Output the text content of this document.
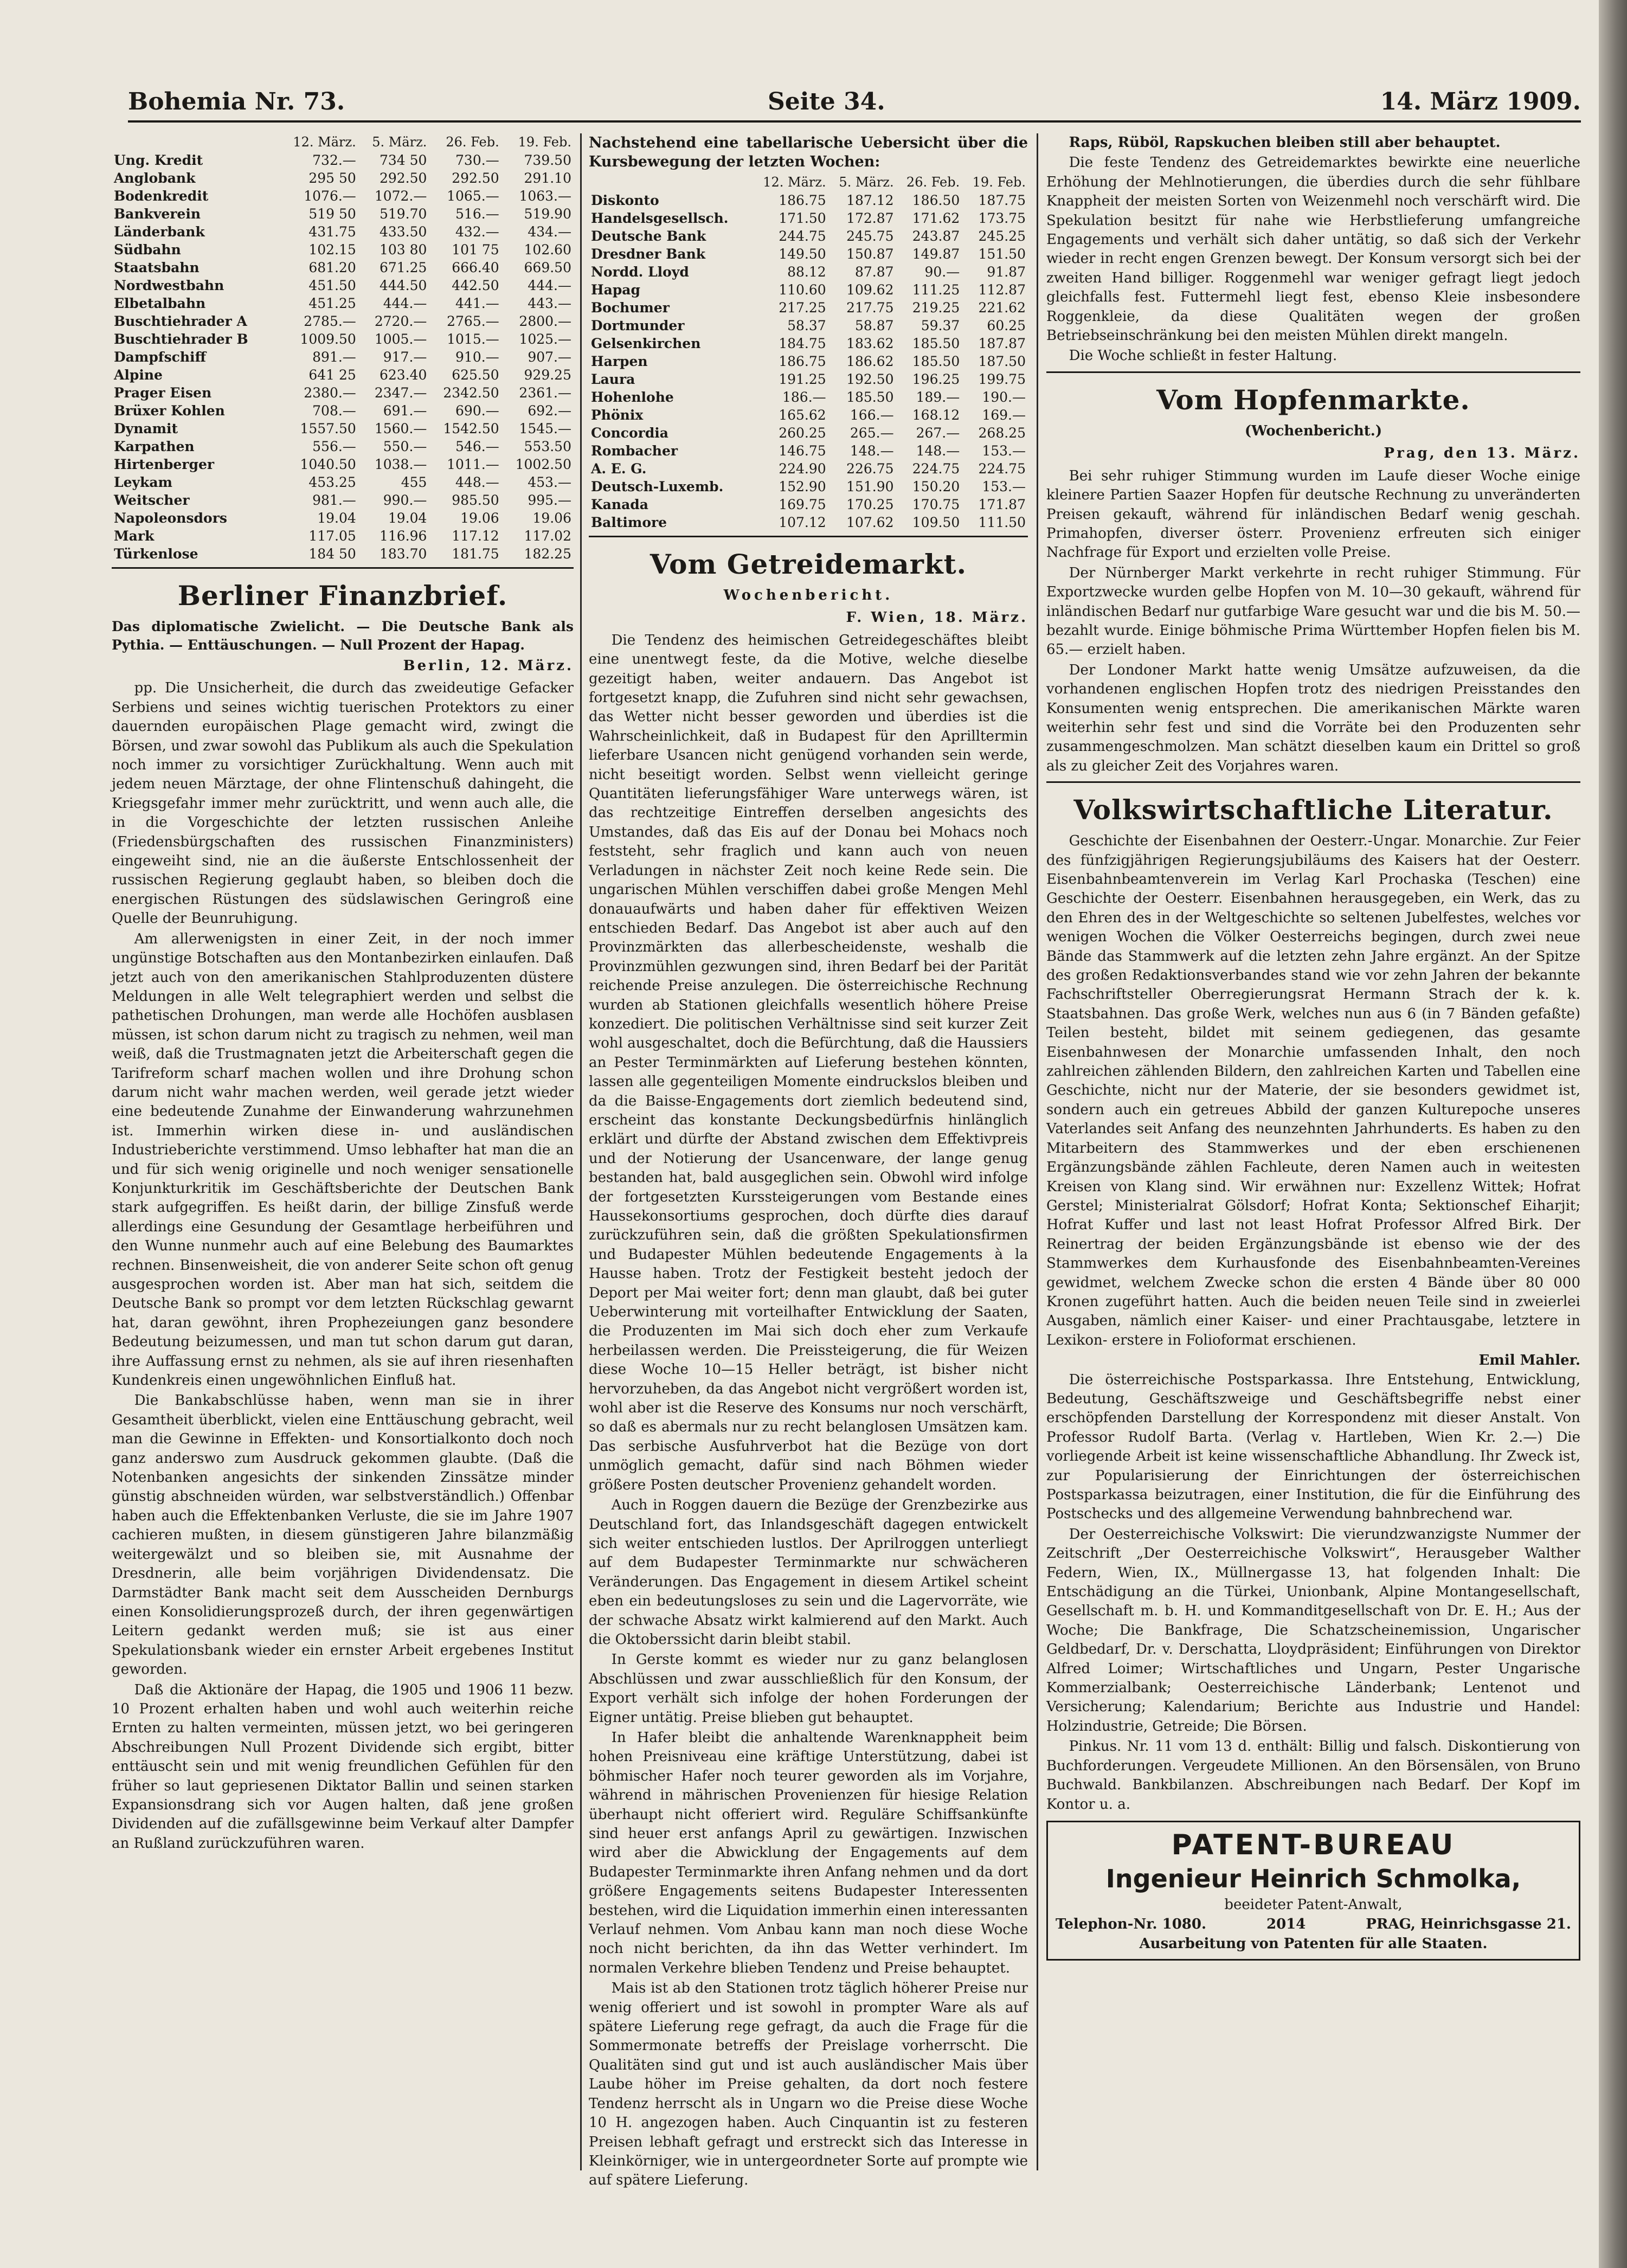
Bohemia Nr. 73.	Seite 34.	14. März 1909.
	12. März.	5. März.	26. Feb.	19. Feb.
Ung. Kredit	732.—	734 50	730.—	739.50
Anglobank	295 50	292.50	292.50	291.10
Bodenkredit	1076.—	1072.—	1065.—	1063.—
Bankverein	519 50	519.70	516.—	519.90
Länderbank	431.75	433.50	432.—	434.—
Südbahn	102.15	103 80	101 75	102.60
Staatsbahn	681.20	671.25	666.40	669.50
Nordwestbahn	451.50	444.50	442.50	444.—
Elbetalbahn	451.25	444.—	441.—	443.—
Buschtiehrader A	2785.—	2720.—	2765.—	2800.—
Buschtiehrader B	1009.50	1005.—	1015.—	1025.—
Dampfschiff	891.—	917.—	910.—	907.—
Alpine	641 25	623.40	625.50	929.25
Prager Eisen	2380.—	2347.—	2342.50	2361.—
Brüxer Kohlen	708.—	691.—	690.—	692.—
Dynamit	1557.50	1560.—	1542.50	1545.—
Karpathen	556.—	550.—	546.—	553.50
Hirtenberger	1040.50	1038.—	1011.—	1002.50
Leykam	453.25	455	448.—	453.—
Weitscher	981.—	990.—	985.50	995.—
Napoleonsdors	19.04	19.04	19.06	19.06
Mark	117.05	116.96	117.12	117.02
Türkenlose	184 50	183.70	181.75	182.25
Berliner Finanzbrief.
Das diplomatische Zwielicht. — Die Deutsche Bank als Pythia. — Enttäuschungen. — Null Prozent der Hapag.
Berlin, 12. März.

pp. Die Unsicherheit, die durch das zweideutige Gefacker Serbiens und seines wichtig tuerischen Protektors zu einer dauernden europäischen Plage gemacht wird, zwingt die Börsen, und zwar sowohl das Publikum als auch die Spekulation noch immer zu vorsichtiger Zurückhaltung. Wenn auch mit jedem neuen Märztage, der ohne Flintenschuß dahingeht, die Kriegsgefahr immer mehr zurücktritt, und wenn auch alle, die in die Vorgeschichte der letzten russischen Anleihe (Friedensbürgschaften des russischen Finanzministers) eingeweiht sind, nie an die äußerste Entschlossenheit der russischen Regierung geglaubt haben, so bleiben doch die energischen Rüstungen des südslawischen Geringroß eine Quelle der Beunruhigung.

Am allerwenigsten in einer Zeit, in der noch immer ungünstige Botschaften aus den Montanbezirken einlaufen. Daß jetzt auch von den amerikanischen Stahlproduzenten düstere Meldungen in alle Welt telegraphiert werden und selbst die pathetischen Drohungen, man werde alle Hochöfen ausblasen müssen, ist schon darum nicht zu tragisch zu nehmen, weil man weiß, daß die Trustmagnaten jetzt die Arbeiterschaft gegen die Tarifreform scharf machen wollen und ihre Drohung schon darum nicht wahr machen werden, weil gerade jetzt wieder eine bedeutende Zunahme der Einwanderung wahrzunehmen ist. Immerhin wirken diese in- und ausländischen Industrieberichte verstimmend. Umso lebhafter hat man die an und für sich wenig originelle und noch weniger sensationelle Konjunkturkritik im Geschäftsberichte der Deutschen Bank stark aufgegriffen. Es heißt darin, der billige Zinsfuß werde allerdings eine Gesundung der Gesamtlage herbeiführen und den Wunne nunmehr auch auf eine Belebung des Baumarktes rechnen. Binsenweisheit, die von anderer Seite schon oft genug ausgesprochen worden ist. Aber man hat sich, seitdem die Deutsche Bank so prompt vor dem letzten Rückschlag gewarnt hat, daran gewöhnt, ihren Prophezeiungen ganz besondere Bedeutung beizumessen, und man tut schon darum gut daran, ihre Auffassung ernst zu nehmen, als sie auf ihren riesenhaften Kundenkreis einen ungewöhnlichen Einfluß hat.

Die Bankabschlüsse haben, wenn man sie in ihrer Gesamtheit überblickt, vielen eine Enttäuschung gebracht, weil man die Gewinne in Effekten- und Konsortialkonto doch noch ganz anderswo zum Ausdruck gekommen glaubte. (Daß die Notenbanken angesichts der sinkenden Zinssätze minder günstig abschneiden würden, war selbstverständlich.) Offenbar haben auch die Effektenbanken Verluste, die sie im Jahre 1907 cachieren mußten, in diesem günstigeren Jahre bilanzmäßig weitergewälzt und so bleiben sie, mit Ausnahme der Dresdnerin, alle beim vorjährigen Dividendensatz. Die Darmstädter Bank macht seit dem Ausscheiden Dernburgs einen Konsolidierungsprozeß durch, der ihren gegenwärtigen Leitern gedankt werden muß; sie ist aus einer Spekulationsbank wieder ein ernster Arbeit ergebenes Institut geworden.

Daß die Aktionäre der Hapag, die 1905 und 1906 11 bezw. 10 Prozent erhalten haben und wohl auch weiterhin reiche Ernten zu halten vermeinten, müssen jetzt, wo bei geringeren Abschreibungen Null Prozent Dividende sich ergibt, bitter enttäuscht sein und mit wenig freundlichen Gefühlen für den früher so laut gepriesenen Diktator Ballin und seinen starken Expansionsdrang sich vor Augen halten, daß jene großen Dividenden auf die zufällsgewinne beim Verkauf alter Dampfer an Rußland zurückzuführen waren.

Nachstehend eine tabellarische Uebersicht über die Kursbewegung der letzten Wochen:
	12. März.	5. März.	26. Feb.	19. Feb.
Diskonto	186.75	187.12	186.50	187.75
Handelsgesellsch.	171.50	172.87	171.62	173.75
Deutsche Bank	244.75	245.75	243.87	245.25
Dresdner Bank	149.50	150.87	149.87	151.50
Nordd. Lloyd	88.12	87.87	90.—	91.87
Hapag	110.60	109.62	111.25	112.87
Bochumer	217.25	217.75	219.25	221.62
Dortmunder	58.37	58.87	59.37	60.25
Gelsenkirchen	184.75	183.62	185.50	187.87
Harpen	186.75	186.62	185.50	187.50
Laura	191.25	192.50	196.25	199.75
Hohenlohe	186.—	185.50	189.—	190.—
Phönix	165.62	166.—	168.12	169.—
Concordia	260.25	265.—	267.—	268.25
Rombacher	146.75	148.—	148.—	153.—
A. E. G.	224.90	226.75	224.75	224.75
Deutsch-Luxemb.	152.90	151.90	150.20	153.—
Kanada	169.75	170.25	170.75	171.87
Baltimore	107.12	107.62	109.50	111.50
Vom Getreidemarkt.
Wochenbericht.
F. Wien, 18. März.

Die Tendenz des heimischen Getreidegeschäftes bleibt eine unentwegt feste, da die Motive, welche dieselbe gezeitigt haben, weiter andauern. Das Angebot ist fortgesetzt knapp, die Zufuhren sind nicht sehr gewachsen, das Wetter nicht besser geworden und überdies ist die Wahrscheinlichkeit, daß in Budapest für den Aprilltermin lieferbare Usancen nicht genügend vorhanden sein werde, nicht beseitigt worden. Selbst wenn vielleicht geringe Quantitäten lieferungsfähiger Ware unterwegs wären, ist das rechtzeitige Eintreffen derselben angesichts des Umstandes, daß das Eis auf der Donau bei Mohacs noch feststeht, sehr fraglich und kann auch von neuen Verladungen in nächster Zeit noch keine Rede sein. Die ungarischen Mühlen verschiffen dabei große Mengen Mehl donauaufwärts und haben daher für effektiven Weizen entschieden Bedarf. Das Angebot ist aber auch auf den Provinzmärkten das allerbescheidenste, weshalb die Provinzmühlen gezwungen sind, ihren Bedarf bei der Parität reichende Preise anzulegen. Die österreichische Rechnung wurden ab Stationen gleichfalls wesentlich höhere Preise konzediert. Die politischen Verhältnisse sind seit kurzer Zeit wohl ausgeschaltet, doch die Befürchtung, daß die Haussiers an Pester Terminmärkten auf Lieferung bestehen könnten, lassen alle gegenteiligen Momente eindruckslos bleiben und da die Baisse-Engagements dort ziemlich bedeutend sind, erscheint das konstante Deckungsbedürfnis hinlänglich erklärt und dürfte der Abstand zwischen dem Effektivpreis und der Notierung der Usancenware, der lange genug bestanden hat, bald ausgeglichen sein. Obwohl wird infolge der fortgesetzten Kurssteigerungen vom Bestande eines Haussekonsortiums gesprochen, doch dürfte dies darauf zurückzuführen sein, daß die größten Spekulationsfirmen und Budapester Mühlen bedeutende Engagements à la Hausse haben. Trotz der Festigkeit besteht jedoch der Deport per Mai weiter fort; denn man glaubt, daß bei guter Ueberwinterung mit vorteilhafter Entwicklung der Saaten, die Produzenten im Mai sich doch eher zum Verkaufe herbeilassen werden. Die Preissteigerung, die für Weizen diese Woche 10—15 Heller beträgt, ist bisher nicht hervorzuheben, da das Angebot nicht vergrößert worden ist, wohl aber ist die Reserve des Konsums nur noch verschärft, so daß es abermals nur zu recht belanglosen Umsätzen kam. Das serbische Ausfuhrverbot hat die Bezüge von dort unmöglich gemacht, dafür sind nach Böhmen wieder größere Posten deutscher Provenienz gehandelt worden.

Auch in Roggen dauern die Bezüge der Grenzbezirke aus Deutschland fort, das Inlandsgeschäft dagegen entwickelt sich weiter entschieden lustlos. Der Aprilroggen unterliegt auf dem Budapester Terminmarkte nur schwächeren Veränderungen. Das Engagement in diesem Artikel scheint eben ein bedeutungsloses zu sein und die Lagervorräte, wie der schwache Absatz wirkt kalmierend auf den Markt. Auch die Oktoberssicht darin bleibt stabil.

In Gerste kommt es wieder nur zu ganz belanglosen Abschlüssen und zwar ausschließlich für den Konsum, der Export verhält sich infolge der hohen Forderungen der Eigner untätig. Preise blieben gut behauptet.

In Hafer bleibt die anhaltende Warenknappheit beim hohen Preisniveau eine kräftige Unterstützung, dabei ist böhmischer Hafer noch teurer geworden als im Vorjahre, während in mährischen Provenienzen für hiesige Relation überhaupt nicht offeriert wird. Reguläre Schiffsankünfte sind heuer erst anfangs April zu gewärtigen. Inzwischen wird aber die Abwicklung der Engagements auf dem Budapester Terminmarkte ihren Anfang nehmen und da dort größere Engagements seitens Budapester Interessenten bestehen, wird die Liquidation immerhin einen interessanten Verlauf nehmen. Vom Anbau kann man noch diese Woche noch nicht berichten, da ihn das Wetter verhindert. Im normalen Verkehre blieben Tendenz und Preise behauptet.

Mais ist ab den Stationen trotz täglich höherer Preise nur wenig offeriert und ist sowohl in prompter Ware als auf spätere Lieferung rege gefragt, da auch die Frage für die Sommermonate betreffs der Preislage vorherrscht. Die Qualitäten sind gut und ist auch ausländischer Mais über Laube höher im Preise gehalten, da dort noch festere Tendenz herrscht als in Ungarn wo die Preise diese Woche 10 H. angezogen haben. Auch Cinquantin ist zu festeren Preisen lebhaft gefragt und erstreckt sich das Interesse in Kleinkörniger, wie in untergeordneter Sorte auf prompte wie auf spätere Lieferung.

Raps, Rüböl, Rapskuchen bleiben still aber behauptet.

Die feste Tendenz des Getreidemarktes bewirkte eine neuerliche Erhöhung der Mehlnotierungen, die überdies durch die sehr fühlbare Knappheit der meisten Sorten von Weizenmehl noch verschärft wird. Die Spekulation besitzt für nahe wie Herbstlieferung umfangreiche Engagements und verhält sich daher untätig, so daß sich der Verkehr wieder in recht engen Grenzen bewegt. Der Konsum versorgt sich bei der zweiten Hand billiger. Roggenmehl war weniger gefragt liegt jedoch gleichfalls fest. Futtermehl liegt fest, ebenso Kleie insbesondere Roggenkleie, da diese Qualitäten wegen der großen Betriebseinschränkung bei den meisten Mühlen direkt mangeln.

Die Woche schließt in fester Haltung.

Vom Hopfenmarkte.
(Wochenbericht.)
Prag, den 13. März.

Bei sehr ruhiger Stimmung wurden im Laufe dieser Woche einige kleinere Partien Saazer Hopfen für deutsche Rechnung zu unveränderten Preisen gekauft, während für inländischen Bedarf wenig geschah. Primahopfen, diverser österr. Provenienz erfreuten sich einiger Nachfrage für Export und erzielten volle Preise.

Der Nürnberger Markt verkehrte in recht ruhiger Stimmung. Für Exportzwecke wurden gelbe Hopfen von M. 10—30 gekauft, während für inländischen Bedarf nur gutfarbige Ware gesucht war und die bis M. 50.— bezahlt wurde. Einige böhmische Prima Württember Hopfen fielen bis M. 65.— erzielt haben.

Der Londoner Markt hatte wenig Umsätze aufzuweisen, da die vorhandenen englischen Hopfen trotz des niedrigen Preisstandes den Konsumenten wenig entsprechen. Die amerikanischen Märkte waren weiterhin sehr fest und sind die Vorräte bei den Produzenten sehr zusammengeschmolzen. Man schätzt dieselben kaum ein Drittel so groß als zu gleicher Zeit des Vorjahres waren.

Volkswirtschaftliche Literatur.

Geschichte der Eisenbahnen der Oesterr.-Ungar. Monarchie. Zur Feier des fünfzigjährigen Regierungsjubiläums des Kaisers hat der Oesterr. Eisenbahnbeamtenverein im Verlag Karl Prochaska (Teschen) eine Geschichte der Oesterr. Eisenbahnen herausgegeben, ein Werk, das zu den Ehren des in der Weltgeschichte so seltenen Jubelfestes, welches vor wenigen Wochen die Völker Oesterreichs begingen, durch zwei neue Bände das Stammwerk auf die letzten zehn Jahre ergänzt. An der Spitze des großen Redaktionsverbandes stand wie vor zehn Jahren der bekannte Fachschriftsteller Oberregierungsrat Hermann Strach der k. k. Staatsbahnen. Das große Werk, welches nun aus 6 (in 7 Bänden gefaßte) Teilen besteht, bildet mit seinem gediegenen, das gesamte Eisenbahnwesen der Monarchie umfassenden Inhalt, den noch zahlreichen zählenden Bildern, den zahlreichen Karten und Tabellen eine Geschichte, nicht nur der Materie, der sie besonders gewidmet ist, sondern auch ein getreues Abbild der ganzen Kulturepoche unseres Vaterlandes seit Anfang des neunzehnten Jahrhunderts. Es haben zu den Mitarbeitern des Stammwerkes und der eben erschienenen Ergänzungsbände zählen Fachleute, deren Namen auch in weitesten Kreisen von Klang sind. Wir erwähnen nur: Exzellenz Wittek; Hofrat Gerstel; Ministerialrat Gölsdorf; Hofrat Konta; Sektionschef Eiharjit; Hofrat Kuffer und last not least Hofrat Professor Alfred Birk. Der Reinertrag der beiden Ergänzungsbände ist ebenso wie der des Stammwerkes dem Kurhausfonde des Eisenbahnbeamten-Vereines gewidmet, welchem Zwecke schon die ersten 4 Bände über 80 000 Kronen zugeführt hatten. Auch die beiden neuen Teile sind in zweierlei Ausgaben, nämlich einer Kaiser- und einer Prachtausgabe, letztere in Lexikon- erstere in Folioformat erschienen.

Emil Mahler.

Die österreichische Postsparkassa. Ihre Entstehung, Entwicklung, Bedeutung, Geschäftszweige und Geschäftsbegriffe nebst einer erschöpfenden Darstellung der Korrespondenz mit dieser Anstalt. Von Professor Rudolf Barta. (Verlag v. Hartleben, Wien Kr. 2.—) Die vorliegende Arbeit ist keine wissenschaftliche Abhandlung. Ihr Zweck ist, zur Popularisierung der Einrichtungen der österreichischen Postsparkassa beizutragen, einer Institution, die für die Einführung des Postschecks und des allgemeine Verwendung bahnbrechend war.

Der Oesterreichische Volkswirt: Die vierundzwanzigste Nummer der Zeitschrift „Der Oesterreichische Volkswirt“, Herausgeber Walther Federn, Wien, IX., Müllnergasse 13, hat folgenden Inhalt: Die Entschädigung an die Türkei, Unionbank, Alpine Montangesellschaft, Gesellschaft m. b. H. und Kommanditgesellschaft von Dr. E. H.; Aus der Woche; Die Bankfrage, Die Schatzscheinemission, Ungarischer Geldbedarf, Dr. v. Derschatta, Lloydpräsident; Einführungen von Direktor Alfred Loimer; Wirtschaftliches und Ungarn, Pester Ungarische Kommerzialbank; Oesterreichische Länderbank; Lentenot und Versicherung; Kalendarium; Berichte aus Industrie und Handel: Holzindustrie, Getreide; Die Börsen.

Pinkus. Nr. 11 vom 13 d. enthält: Billig und falsch. Diskontierung von Buchforderungen. Vergeudete Millionen. An den Börsensälen, von Bruno Buchwald. Bankbilanzen. Abschreibungen nach Bedarf. Der Kopf im Kontor u. a.

PATENT-BUREAU
Ingenieur Heinrich Schmolka,
beeideter Patent-Anwalt,
Telephon-Nr. 1080.	2014	PRAG, Heinrichsgasse 21.
Ausarbeitung von Patenten für alle Staaten.
